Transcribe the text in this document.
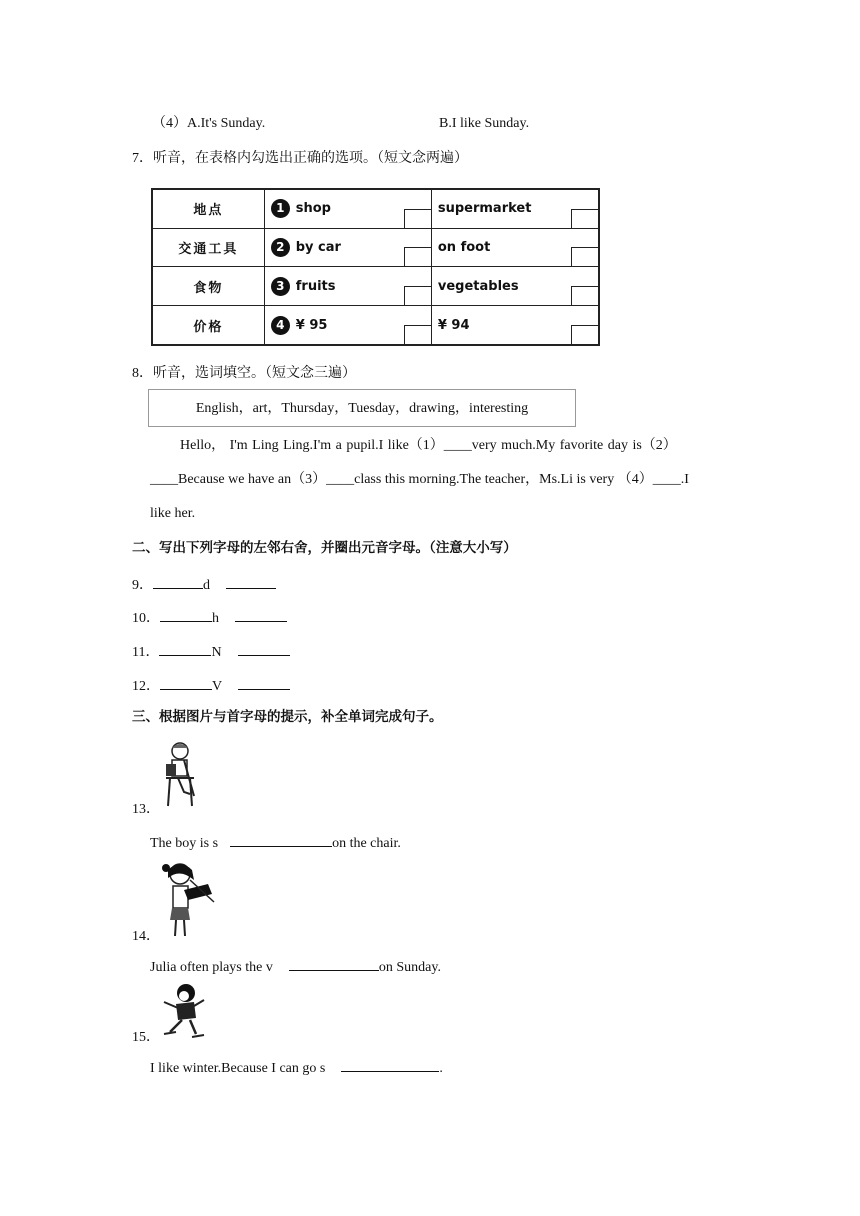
（4）A.It's Sunday.	B.I like Sunday.
7．听音，在表格内勾选出正确的选项。（短文念两遍）
地点	1 shop	supermarket

交通工具	2 by car	on foot

食物	3 fruits	vegetables

价格	4 ¥ 95	¥ 94
8．听音，选词填空。（短文念三遍）
English，art，Thursday，Tuesday，drawing，interesting
Hello， I'm Ling Ling.I'm a pupil.I like（1）____very much.My favorite day is（2）
____Because we have an（3）____class this morning.The teacher，Ms.Li is very （4）____.I
like her.
二、写出下列字母的左邻右舍，并圈出元音字母。（注意大小写）
9．	d
10．	h
11．	N
12．	V
三、根据图片与首字母的提示，补全单词完成句子。
13．
The boy is s	on the chair.
14．
Julia often plays the v	on Sunday.
15．
I like winter.Because I can go s	.
